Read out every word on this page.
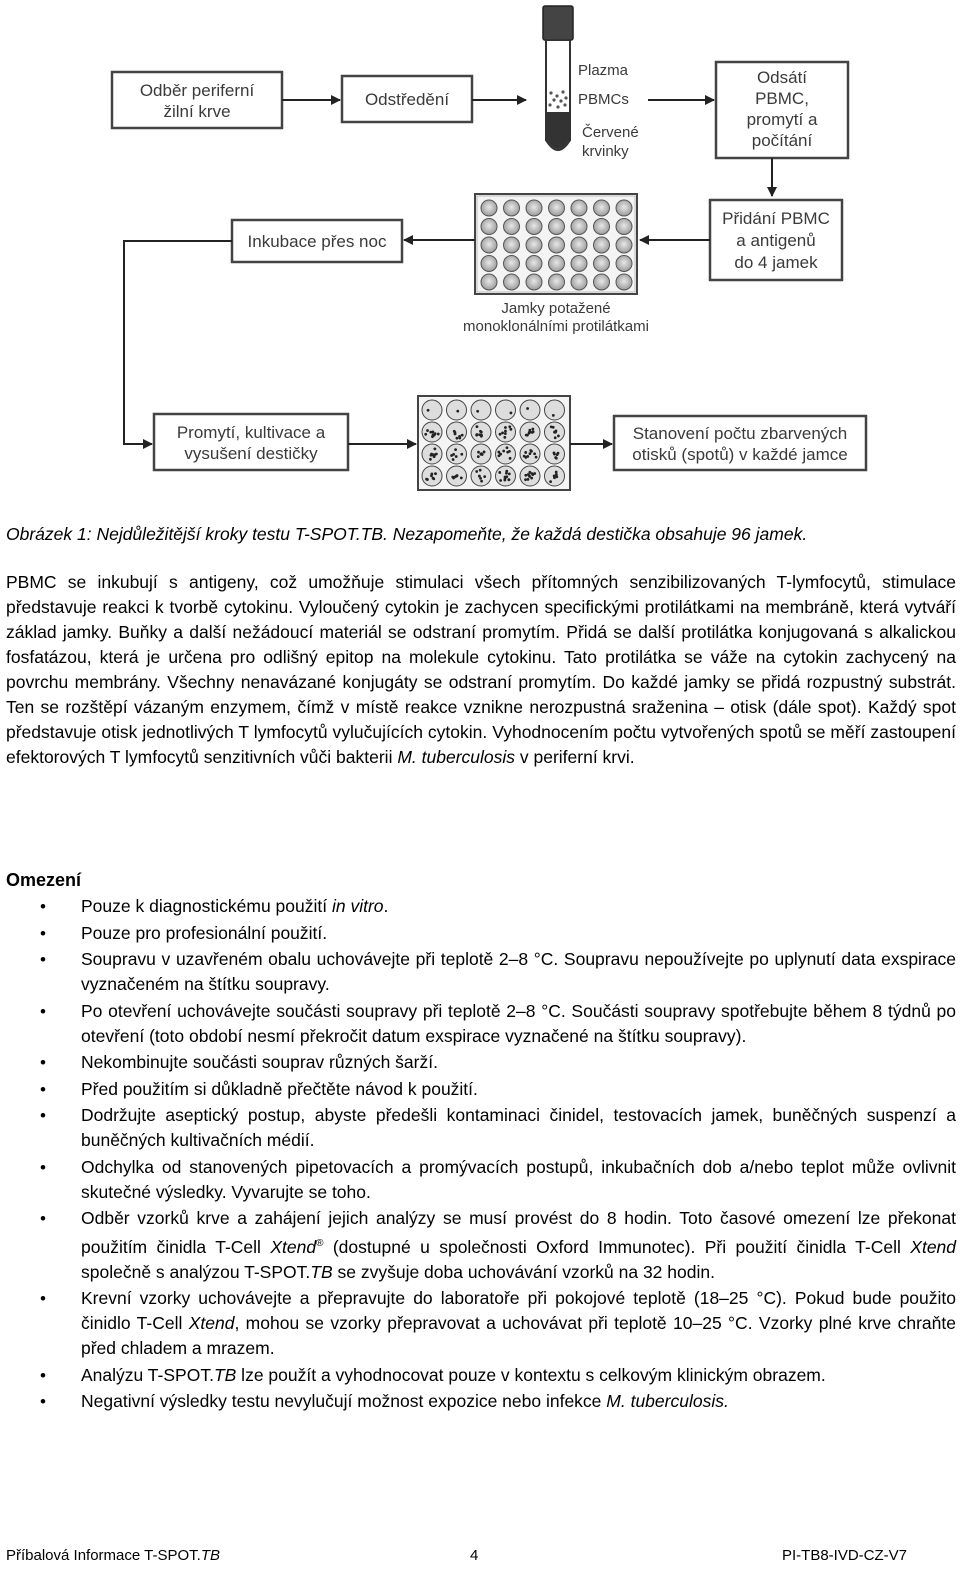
Odběr periferní
žilní krve
Odstředění
Plazma
PBMCs
Červené
krvinky
Odsátí
PBMC,
promytí a
počítání
Přidání PBMC
a antigenů
do 4 jamek
Jamky potažené
monoklonálními protilátkami
Inkubace přes noc
Promytí, kultivace a
vysušení destičky
Stanovení počtu zbarvených
otisků (spotů) v každé jamce
Obrázek 1: Nejdůležitější kroky testu T-SPOT.TB. Nezapomeňte, že každá destička obsahuje 96 jamek.
PBMC se inkubují s antigeny, což umožňuje stimulaci všech přítomných senzibilizovaných T-lymfocytů, stimulace představuje reakci k tvorbě cytokinu. Vyloučený cytokin je zachycen specifickými protilátkami na membráně, která vytváří základ jamky. Buňky a další nežádoucí materiál se odstraní promytím. Přidá se další protilátka konjugovaná s alkalickou fosfatázou, která je určena pro odlišný epitop na molekule cytokinu. Tato protilátka se váže na cytokin zachycený na povrchu membrány. Všechny nenavázané konjugáty se odstraní promytím. Do každé jamky se přidá rozpustný substrát. Ten se rozštěpí vázaným enzymem, čímž v místě reakce vznikne nerozpustná sraženina – otisk (dále spot). Každý spot představuje otisk jednotlivých T lymfocytů vylučujících cytokin. Vyhodnocením počtu vytvořených spotů se měří zastoupení efektorových T lymfocytů senzitivních vůči bakterii M. tuberculosis v periferní krvi.
Omezení
• Pouze k diagnostickému použití in vitro.
• Pouze pro profesionální použití.
• Soupravu v uzavřeném obalu uchovávejte při teplotě 2–8 °C. Soupravu nepoužívejte po uplynutí data exspirace vyznačeném na štítku soupravy.
• Po otevření uchovávejte součásti soupravy při teplotě 2–8 °C. Součásti soupravy spotřebujte během 8 týdnů po otevření (toto období nesmí překročit datum exspirace vyznačené na štítku soupravy).
• Nekombinujte součásti souprav různých šarží.
• Před použitím si důkladně přečtěte návod k použití.
• Dodržujte aseptický postup, abyste předešli kontaminaci činidel, testovacích jamek, buněčných suspenzí a buněčných kultivačních médií.
• Odchylka od stanovených pipetovacích a promývacích postupů, inkubačních dob a/nebo teplot může ovlivnit skutečné výsledky. Vyvarujte se toho.
• Odběr vzorků krve a zahájení jejich analýzy se musí provést do 8 hodin. Toto časové omezení lze překonat použitím činidla T-Cell Xtend® (dostupné u společnosti Oxford Immunotec). Při použití činidla T-Cell Xtend společně s analýzou T-SPOT.TB se zvyšuje doba uchovávání vzorků na 32 hodin.
• Krevní vzorky uchovávejte a přepravujte do laboratoře při pokojové teplotě (18–25 °C). Pokud bude použito činidlo T-Cell Xtend, mohou se vzorky přepravovat a uchovávat při teplotě 10–25 °C. Vzorky plné krve chraňte před chladem a mrazem.
• Analýzu T-SPOT.TB lze použít a vyhodnocovat pouze v kontextu s celkovým klinickým obrazem.
• Negativní výsledky testu nevylučují možnost expozice nebo infekce M. tuberculosis.
Příbalová Informace T-SPOT.TB	4	PI-TB8-IVD-CZ-V7
